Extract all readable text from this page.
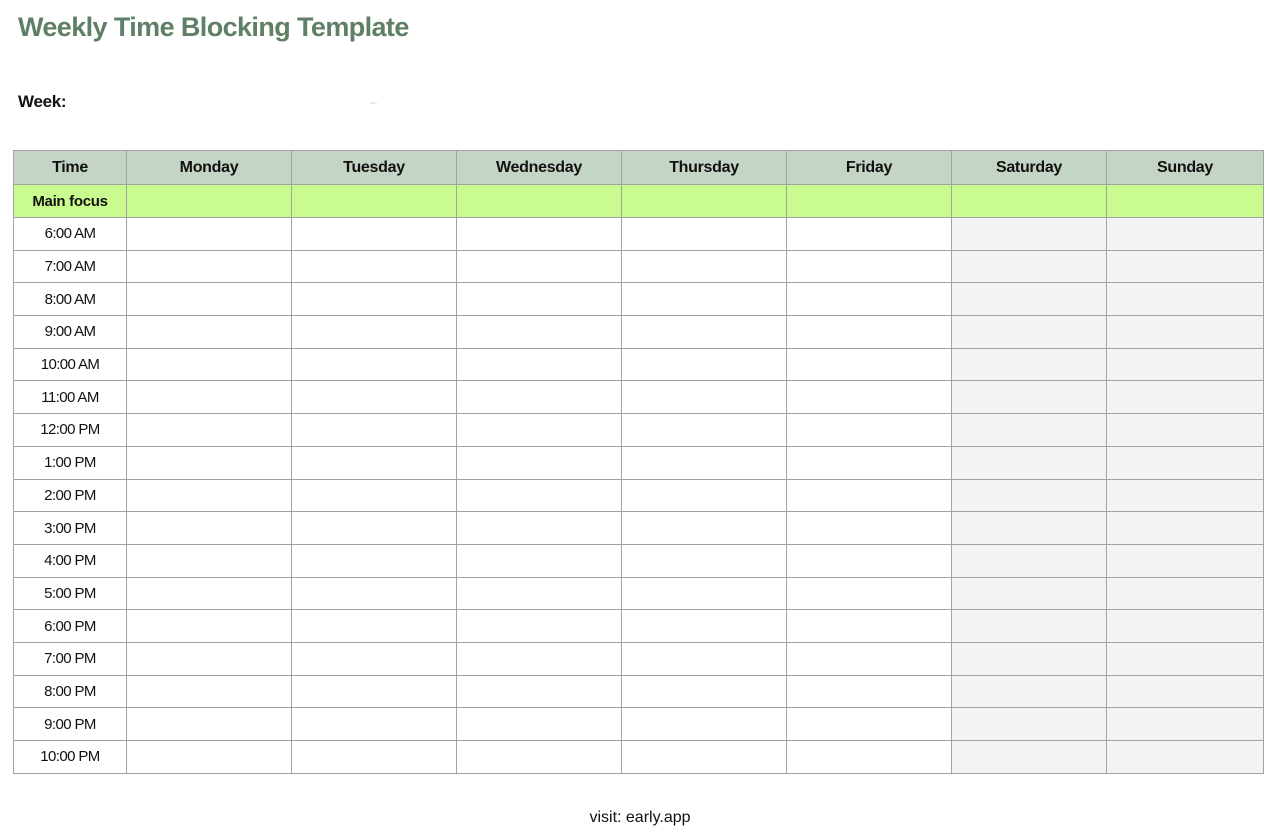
Weekly Time Blocking Template
Week:	–
Time	Monday	Tuesday	Wednesday	Thursday	Friday	Saturday	Sunday
Main focus							
6:00 AM							
7:00 AM							
8:00 AM							
9:00 AM							
10:00 AM							
11:00 AM							
12:00 PM							
1:00 PM							
2:00 PM							
3:00 PM							
4:00 PM							
5:00 PM							
6:00 PM							
7:00 PM							
8:00 PM							
9:00 PM							
10:00 PM							
visit: early.app
